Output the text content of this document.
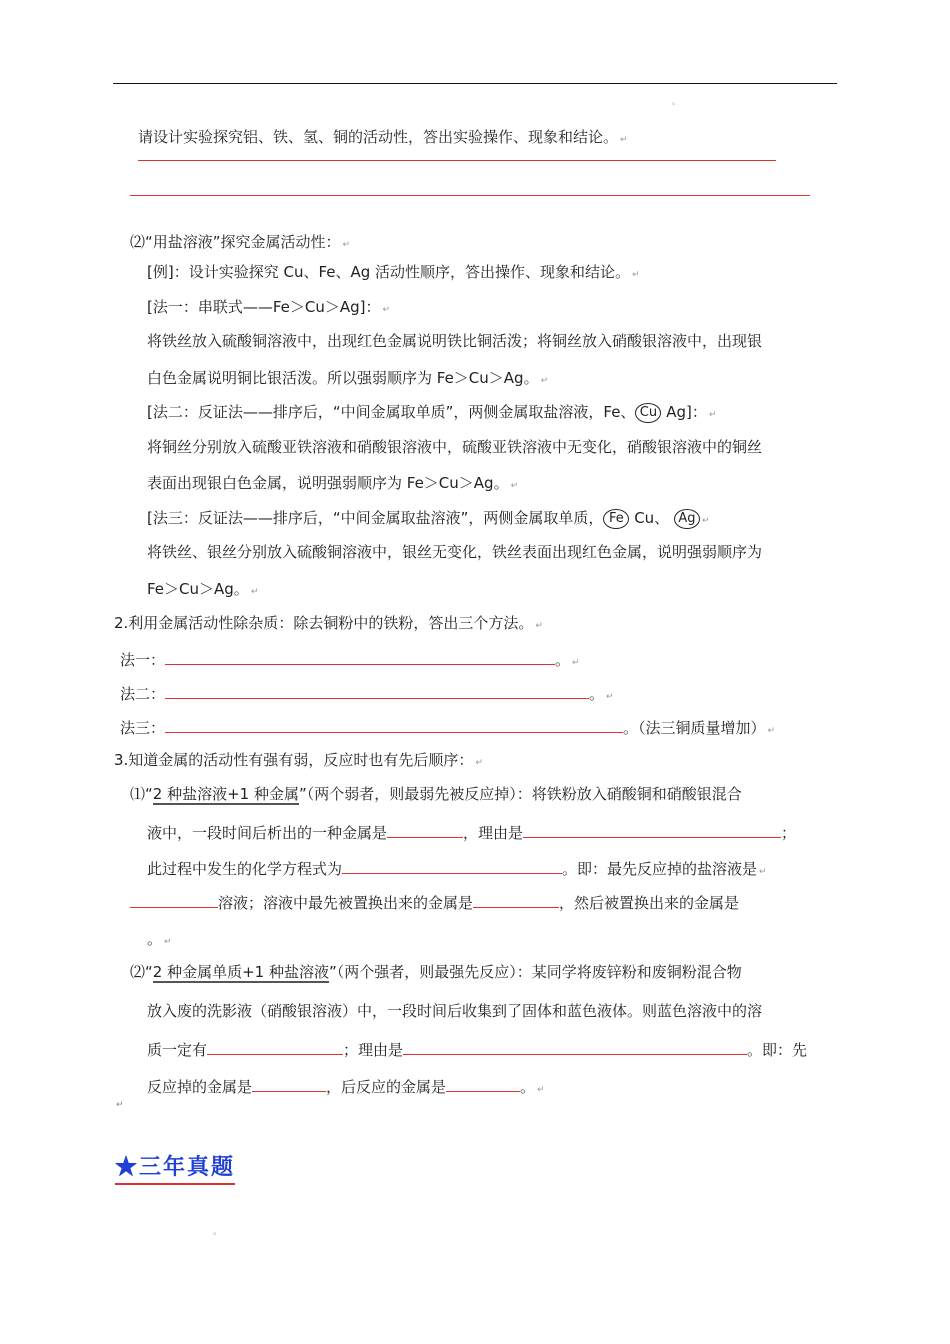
。
请设计实验探究铝、铁、氢、铜的活动性，答出实验操作、现象和结论。 ↵
⑵“用盐溶液”探究金属活动性： ↵
[例]：设计实验探究 Cu、Fe、Ag 活动性顺序，答出操作、现象和结论。 ↵
[法一：串联式——Fe＞Cu＞Ag]： ↵
将铁丝放入硫酸铜溶液中，出现红色金属说明铁比铜活泼；将铜丝放入硝酸银溶液中，出现银
白色金属说明铜比银活泼。所以强弱顺序为 Fe＞Cu＞Ag。 ↵
[法二：反证法——排序后，“中间金属取单质”，两侧金属取盐溶液，Fe、 Cu Ag]： ↵
将铜丝分别放入硫酸亚铁溶液和硝酸银溶液中，硫酸亚铁溶液中无变化，硝酸银溶液中的铜丝
表面出现银白色金属，说明强弱顺序为 Fe＞Cu＞Ag。 ↵
[法三：反证法——排序后，“中间金属取盐溶液”，两侧金属取单质， Fe Cu、 Ag ↵
将铁丝、银丝分别放入硫酸铜溶液中，银丝无变化，铁丝表面出现红色金属，说明强弱顺序为
Fe＞Cu＞Ag。 ↵
2.利用金属活动性除杂质：除去铜粉中的铁粉，答出三个方法。 ↵
法一：	。 ↵
法二：	。 ↵
法三：	。（法三铜质量增加） ↵
3.知道金属的活动性有强有弱，反应时也有先后顺序： ↵
⑴“2 种盐溶液+1 种金属”（两个弱者，则最弱先被反应掉）：将铁粉放入硝酸铜和硝酸银混合
液中，一段时间后析出的一种金属是	，理由是	；
此过程中发生的化学方程式为	。即：最先反应掉的盐溶液是 ↵
溶液；溶液中最先被置换出来的金属是	，然后被置换出来的金属是
。 ↵
⑵“2 种金属单质+1 种盐溶液”（两个强者，则最强先反应）：某同学将废锌粉和废铜粉混合物
放入废的洗影液（硝酸银溶液）中，一段时间后收集到了固体和蓝色液体。则蓝色溶液中的溶
质一定有	；理由是	。即：先
反应掉的金属是	，后反应的金属是	。 ↵
↵
★三年真题
。
